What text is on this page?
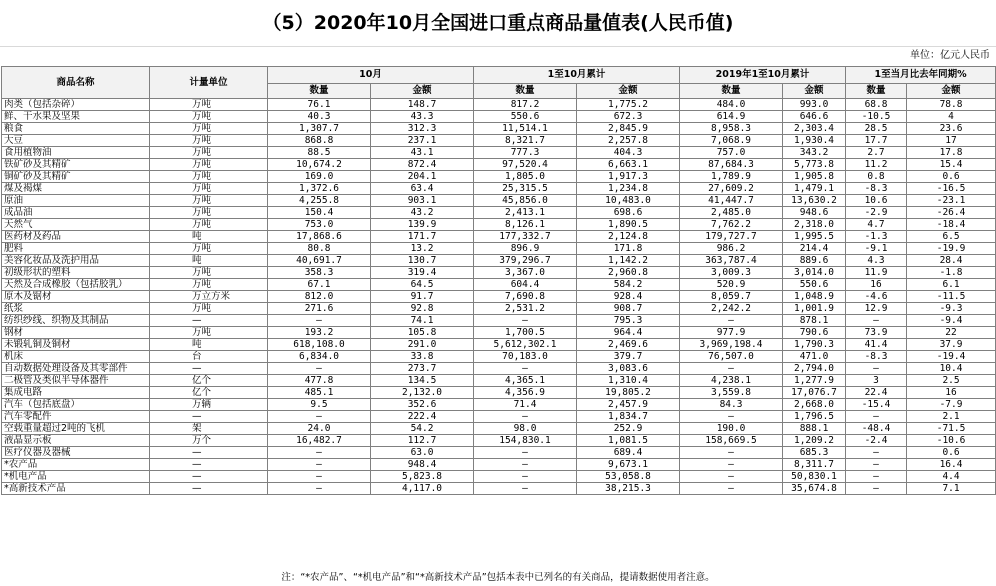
（5）2020年10月全国进口重点商品量值表(人民币值)
单位：亿元人民币
商品名称	计量单位	10月		1至10月累计		2019年1至10月累计		1至当月比去年同期%	
		数量	金额	数量	金额	数量	金额	数量	金额
肉类（包括杂碎）	万吨	76.1	148.7	817.2	1,775.2	484.0	993.0	68.8	78.8
鲜、干水果及坚果	万吨	40.3	43.3	550.6	672.3	614.9	646.6	-10.5	4
粮食	万吨	1,307.7	312.3	11,514.1	2,845.9	8,958.3	2,303.4	28.5	23.6
大豆	万吨	868.8	237.1	8,321.7	2,257.8	7,068.9	1,930.4	17.7	17
食用植物油	万吨	88.5	43.1	777.3	404.3	757.0	343.2	2.7	17.8
铁矿砂及其精矿	万吨	10,674.2	872.4	97,520.4	6,663.1	87,684.3	5,773.8	11.2	15.4
铜矿砂及其精矿	万吨	169.0	204.1	1,805.0	1,917.3	1,789.9	1,905.8	0.8	0.6
煤及褐煤	万吨	1,372.6	63.4	25,315.5	1,234.8	27,609.2	1,479.1	-8.3	-16.5
原油	万吨	4,255.8	903.1	45,856.0	10,483.0	41,447.7	13,630.2	10.6	-23.1
成品油	万吨	150.4	43.2	2,413.1	698.6	2,485.0	948.6	-2.9	-26.4
天然气	万吨	753.0	139.9	8,126.1	1,890.5	7,762.2	2,318.0	4.7	-18.4
医药材及药品	吨	17,868.6	171.7	177,332.7	2,124.8	179,727.7	1,995.5	-1.3	6.5
肥料	万吨	80.8	13.2	896.9	171.8	986.2	214.4	-9.1	-19.9
美容化妆品及洗护用品	吨	40,691.7	130.7	379,296.7	1,142.2	363,787.4	889.6	4.3	28.4
初级形状的塑料	万吨	358.3	319.4	3,367.0	2,960.8	3,009.3	3,014.0	11.9	-1.8
天然及合成橡胶（包括胶乳）	万吨	67.1	64.5	604.4	584.2	520.9	550.6	16	6.1
原木及锯材	万立方米	812.0	91.7	7,690.8	928.4	8,059.7	1,048.9	-4.6	-11.5
纸浆	万吨	271.6	92.8	2,531.2	908.7	2,242.2	1,001.9	12.9	-9.3
纺织纱线、织物及其制品	—	—	74.1	—	795.3	—	878.1	—	-9.4
钢材	万吨	193.2	105.8	1,700.5	964.4	977.9	790.6	73.9	22
未锻轧铜及铜材	吨	618,108.0	291.0	5,612,302.1	2,469.6	3,969,198.4	1,790.3	41.4	37.9
机床	台	6,834.0	33.8	70,183.0	379.7	76,507.0	471.0	-8.3	-19.4
自动数据处理设备及其零部件	—	—	273.7	—	3,083.6	—	2,794.0	—	10.4
二极管及类似半导体器件	亿个	477.8	134.5	4,365.1	1,310.4	4,238.1	1,277.9	3	2.5
集成电路	亿个	485.1	2,132.0	4,356.9	19,805.2	3,559.8	17,076.7	22.4	16
汽车（包括底盘）	万辆	9.5	352.6	71.4	2,457.9	84.3	2,668.0	-15.4	-7.9
汽车零配件	—	—	222.4	—	1,834.7	—	1,796.5	—	2.1
空载重量超过2吨的飞机	架	24.0	54.2	98.0	252.9	190.0	888.1	-48.4	-71.5
液晶显示板	万个	16,482.7	112.7	154,830.1	1,081.5	158,669.5	1,209.2	-2.4	-10.6
医疗仪器及器械	—	—	63.0	—	689.4	—	685.3	—	0.6
*农产品	—	—	948.4	—	9,673.1	—	8,311.7	—	16.4
*机电产品	—	—	5,823.8	—	53,058.8	—	50,830.1	—	4.4
*高新技术产品	—	—	4,117.0	—	38,215.3	—	35,674.8	—	7.1
注：“*农产品”、“*机电产品”和“*高新技术产品”包括本表中已列名的有关商品，提请数据使用者注意。
